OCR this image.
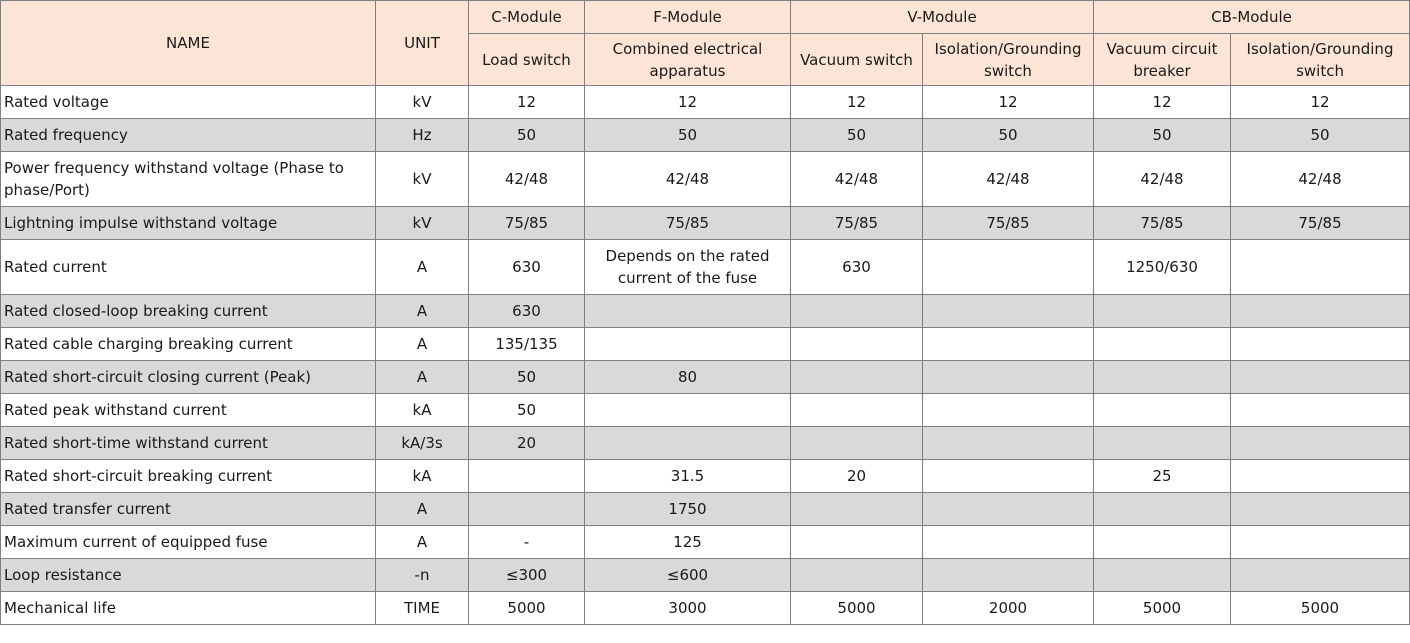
NAME	UNIT	C-Module	F-Module	V-Module		CB-Module	
		Load switch	Combined electrical apparatus	Vacuum switch	Isolation/Grounding switch	Vacuum circuit breaker	Isolation/Grounding switch
Rated voltage	kV	12	12	12	12	12	12
Rated frequency	Hz	50	50	50	50	50	50
Power frequency withstand voltage (Phase to phase/Port)	kV	42/48	42/48	42/48	42/48	42/48	42/48
Lightning impulse withstand voltage	kV	75/85	75/85	75/85	75/85	75/85	75/85
Rated current	A	630	Depends on the rated current of the fuse	630		1250/630	
Rated closed-loop breaking current	A	630					
Rated cable charging breaking current	A	135/135					
Rated short-circuit closing current (Peak)	A	50	80				
Rated peak withstand current	kA	50					
Rated short-time withstand current	kA/3s	20					
Rated short-circuit breaking current	kA		31.5	20		25	
Rated transfer current	A		1750				
Maximum current of equipped fuse	A	-	125				
Loop resistance	-n	≤300	≤600				
Mechanical life	TIME	5000	3000	5000	2000	5000	5000
